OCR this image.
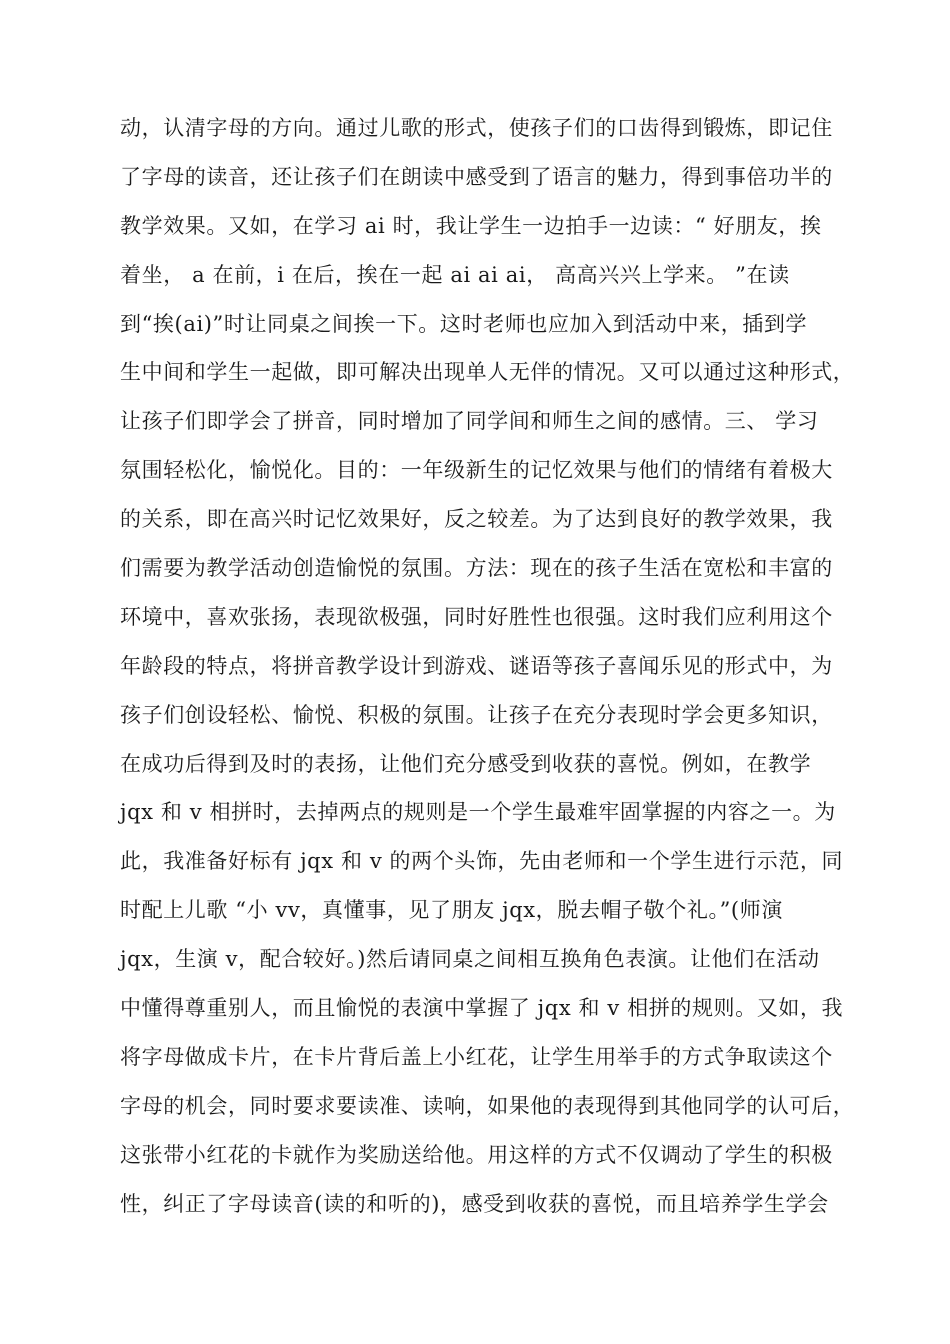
动，认清字母的方向。通过儿歌的形式，使孩子们的口齿得到锻炼，即记住
了字母的读音，还让孩子们在朗读中感受到了语言的魅力，得到事倍功半的
教学效果。又如，在学习 ai 时，我让学生一边拍手一边读：“ 好朋友，挨
着坐， a 在前，i 在后，挨在一起 ai ai ai， 高高兴兴上学来。 ”在读
到“挨(ai)”时让同桌之间挨一下。这时老师也应加入到活动中来，插到学
生中间和学生一起做，即可解决出现单人无伴的情况。又可以通过这种形式，
让孩子们即学会了拼音，同时增加了同学间和师生之间的感情。三、 学习
氛围轻松化，愉悦化。目的：一年级新生的记忆效果与他们的情绪有着极大
的关系，即在高兴时记忆效果好，反之较差。为了达到良好的教学效果，我
们需要为教学活动创造愉悦的氛围。方法：现在的孩子生活在宽松和丰富的
环境中，喜欢张扬，表现欲极强，同时好胜性也很强。这时我们应利用这个
年龄段的特点，将拼音教学设计到游戏、谜语等孩子喜闻乐见的形式中，为
孩子们创设轻松、愉悦、积极的氛围。让孩子在充分表现时学会更多知识，
在成功后得到及时的表扬，让他们充分感受到收获的喜悦。例如，在教学
jqx 和 v 相拼时，去掉两点的规则是一个学生最难牢固掌握的内容之一。为
此，我准备好标有 jqx 和 v 的两个头饰，先由老师和一个学生进行示范，同
时配上儿歌 “小 vv，真懂事，见了朋友 jqx，脱去帽子敬个礼。”(师演
jqx，生演 v，配合较好。)然后请同桌之间相互换角色表演。让他们在活动
中懂得尊重别人，而且愉悦的表演中掌握了 jqx 和 v 相拼的规则。又如，我
将字母做成卡片，在卡片背后盖上小红花，让学生用举手的方式争取读这个
字母的机会，同时要求要读准、读响，如果他的表现得到其他同学的认可后，
这张带小红花的卡就作为奖励送给他。用这样的方式不仅调动了学生的积极
性，纠正了字母读音(读的和听的)，感受到收获的喜悦，而且培养学生学会
